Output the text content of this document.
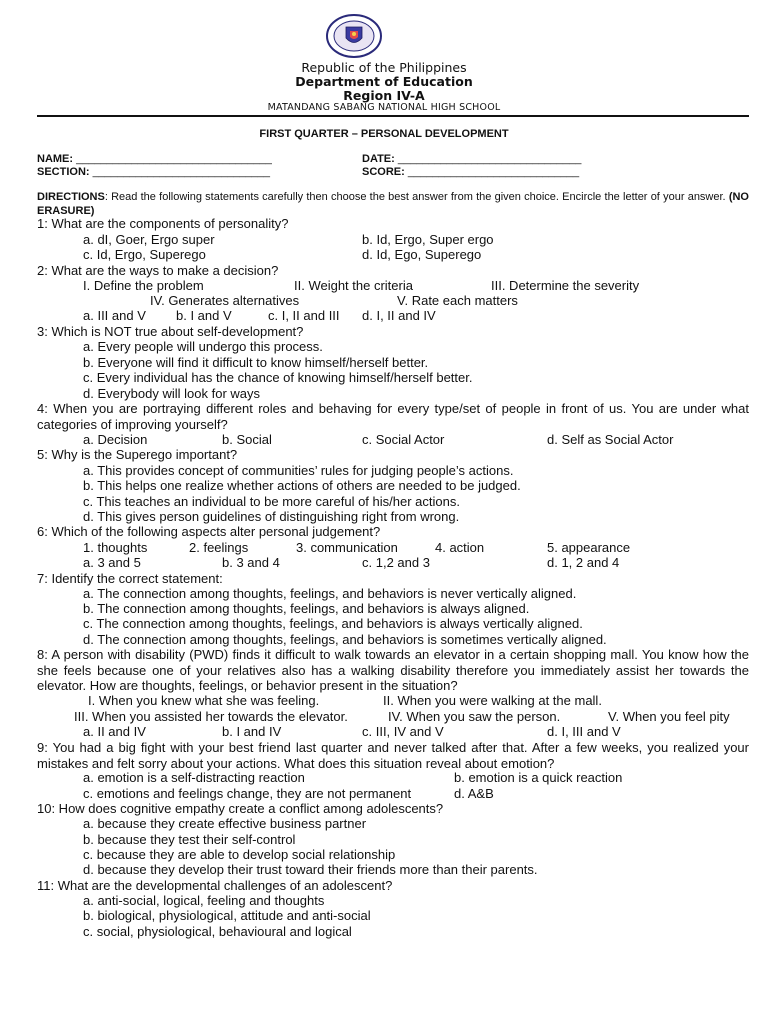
Republic of the Philippines
Department of Education
Region IV-A
MATANDANG SABANG NATIONAL HIGH SCHOOL
FIRST QUARTER – PERSONAL DEVELOPMENT
NAME: ________________________________	DATE: ______________________________
SECTION: _____________________________	SCORE: ____________________________
DIRECTIONS: Read the following statements carefully then choose the best answer from the given choice. Encircle the letter of your answer. (NO ERASURE)
1: What are the components of personality?
a. dI, Goer, Ergo super	b. Id, Ergo, Super ergo
c. Id, Ergo, Superego	d. Id, Ego, Superego
2: What are the ways to make a decision?
I. Define the problem	II. Weight the criteria	III. Determine the severity
IV. Generates alternatives	V. Rate each matters
a. III and V b. I and V	c. I, II and III d. I, II and IV
3: Which is NOT true about self-development?
a. Every people will undergo this process.
b. Everyone will find it difficult to know himself/herself better.
c. Every individual has the chance of knowing himself/herself better.
d. Everybody will look for ways
4: When you are portraying different roles and behaving for every type/set of people in front of us. You are under what categories of improving yourself?
a. Decision	b. Social	c. Social Actor	d. Self as Social Actor
5: Why is the Superego important?
a. This provides concept of communities’ rules for judging people’s actions.
b. This helps one realize whether actions of others are needed to be judged.
c. This teaches an individual to be more careful of his/her actions.
d. This gives person guidelines of distinguishing right from wrong.
6: Which of the following aspects alter personal judgement?
1. thoughts	2. feelings	3. communication	4. action	5. appearance
a. 3 and 5	b. 3 and 4	c. 1,2 and 3	d. 1, 2 and 4
7: Identify the correct statement:
a. The connection among thoughts, feelings, and behaviors is never vertically aligned.
b. The connection among thoughts, feelings, and behaviors is always aligned.
c. The connection among thoughts, feelings, and behaviors is always vertically aligned.
d. The connection among thoughts, feelings, and behaviors is sometimes vertically aligned.
8: A person with disability (PWD) finds it difficult to walk towards an elevator in a certain shopping mall. You know how the she feels because one of your relatives also has a walking disability therefore you immediately assist her towards the elevator. How are thoughts, feelings, or behavior present in the situation?
I. When you knew what she was feeling.	II. When you were walking at the mall.
III. When you assisted her towards the elevator.	IV. When you saw the person.	V. When you feel pity
a. II and IV	b. I and IV	c. III, IV and V	d. I, III and V
9: You had a big fight with your best friend last quarter and never talked after that. After a few weeks, you realized your mistakes and felt sorry about your actions. What does this situation reveal about emotion?
a. emotion is a self-distracting reaction	b. emotion is a quick reaction
c. emotions and feelings change, they are not permanent	d. A&B
10: How does cognitive empathy create a conflict among adolescents?
a. because they create effective business partner
b. because they test their self-control
c. because they are able to develop social relationship
d. because they develop their trust toward their friends more than their parents.
11: What are the developmental challenges of an adolescent?
a. anti-social, logical, feeling and thoughts
b. biological, physiological, attitude and anti-social
c. social, physiological, behavioural and logical
